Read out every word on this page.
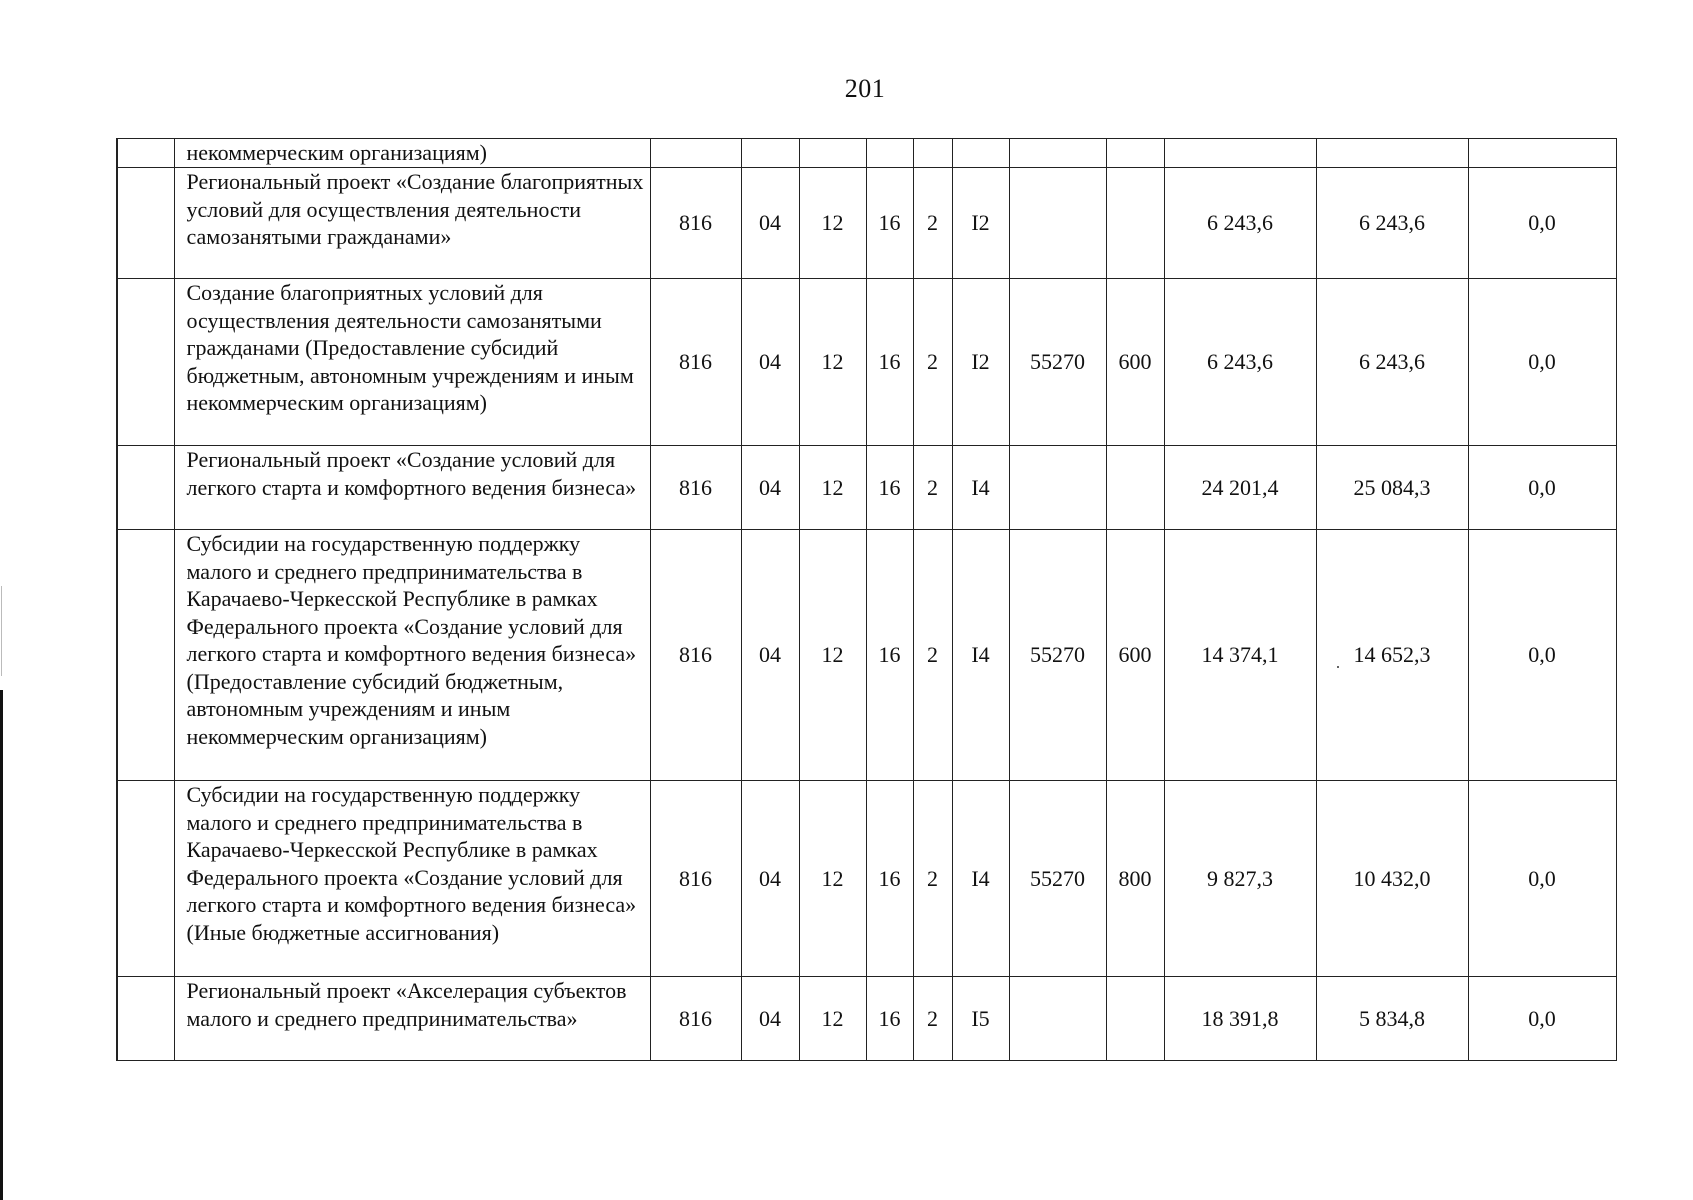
201
	некоммерческим организациям)											
	Региональный проект «Создание благоприятных условий для осуществления деятельности самозанятыми гражданами»	816	04	12	16	2	I2			6 243,6	6 243,6	0,0
	Создание благоприятных условий для осуществления деятельности самозанятыми гражданами (Предоставление субсидий бюджетным, автономным учреждениям и иным некоммерческим организациям)	816	04	12	16	2	I2	55270	600	6 243,6	6 243,6	0,0
	Региональный проект «Создание условий для легкого старта и комфортного ведения бизнеса»	816	04	12	16	2	I4			24 201,4	25 084,3	0,0
	Субсидии на государственную поддержку малого и среднего предпринимательства в Карачаево-Черкесской Республике в рамках Федерального проекта «Создание условий для легкого старта и комфортного ведения бизнеса» (Предоставление субсидий бюджетным, автономным учреждениям и иным некоммерческим организациям)	816	04	12	16	2	I4	55270	600	14 374,1	14 652,3	0,0
	Субсидии на государственную поддержку малого и среднего предпринимательства в Карачаево-Черкесской Республике в рамках Федерального проекта «Создание условий для легкого старта и комфортного ведения бизнеса» (Иные бюджетные ассигнования)	816	04	12	16	2	I4	55270	800	9 827,3	10 432,0	0,0
	Региональный проект «Акселерация субъектов малого и среднего предпринимательства»	816	04	12	16	2	I5			18 391,8	5 834,8	0,0
